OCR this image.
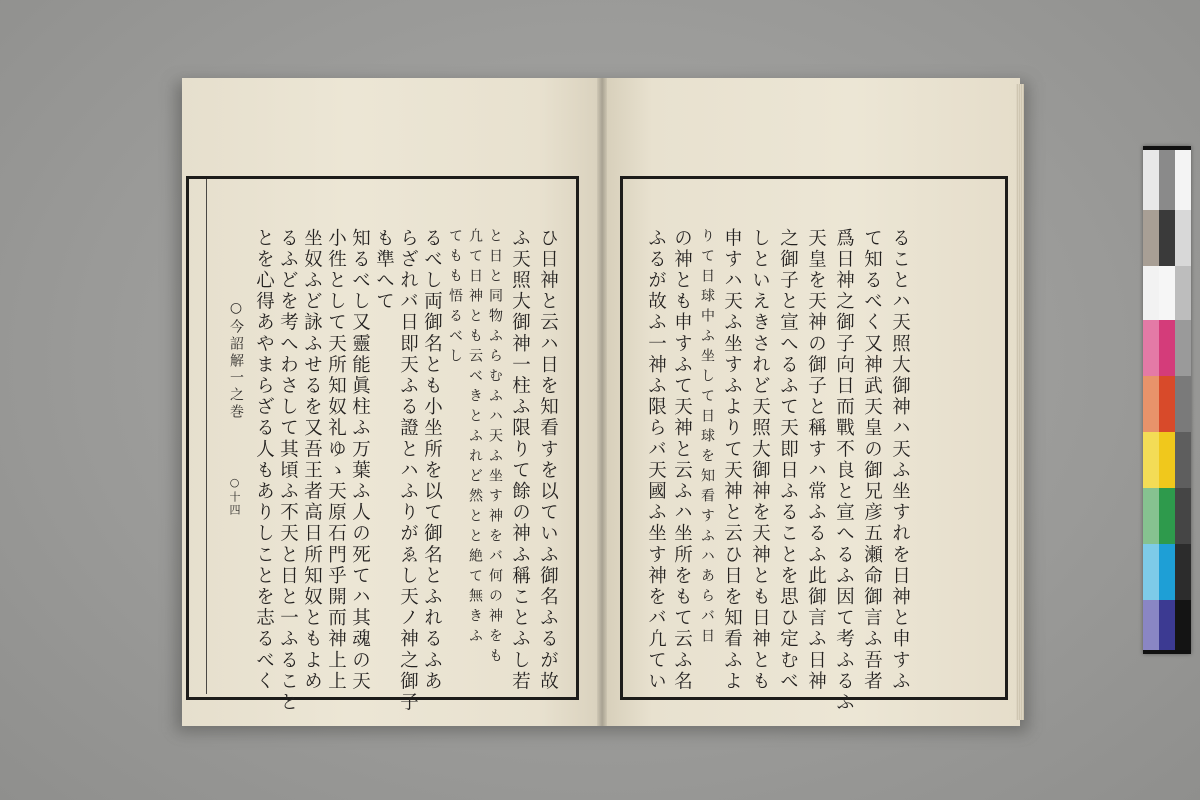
○今詔解一之巻
○十四 とを心得あやまらざる人もありしことを志るべく るふどを考へわさして其頃ふ不天と日と一ふること 坐奴ふど詠ふせるを又吾王者高日所知奴ともよめ 小徃として天所知奴礼ゆゝ天原石門乎開而神上上 知るべし又靈能眞柱ふ万葉ふ人の死てハ其魂の天 も準へて らざれバ日即天ふる證とハふりがゑし天ノ神之御子 るべし両御名とも小坐所を以て御名とふれるふあ てもも悟るべし 凢て日神とも云べきとふれど然とと絶て無きふ と日と同物ふらむふハ天ふ坐す神をバ何の神をも ふ天照大御神一柱ふ限りて餘の神ふ稱ことふし若 ひ日神と云ハ日を知看すを以ていふ御名ふるが故	ふるが故ふ一神ふ限らバ天國ふ坐す神をバ凢てい の神とも申すふて天神と云ふハ坐所をもて云ふ名 りて日球中ふ坐して日球を知看すふハあらバ日 申すハ天ふ坐すふよりて天神と云ひ日を知看ふよ しといえきされど天照大御神を天神とも日神とも 之御子と宣へるふて天即日ふることを思ひ定むべ 天皇を天神の御子と稱すハ常ふるふ此御言ふ日神 爲日神之御子向日而戰不良と宣へるふ因て考ふるふ て知るべく又神武天皇の御兄彦五瀬命御言ふ吾者 ることハ天照大御神ハ天ふ坐すれを日神と申すふ
